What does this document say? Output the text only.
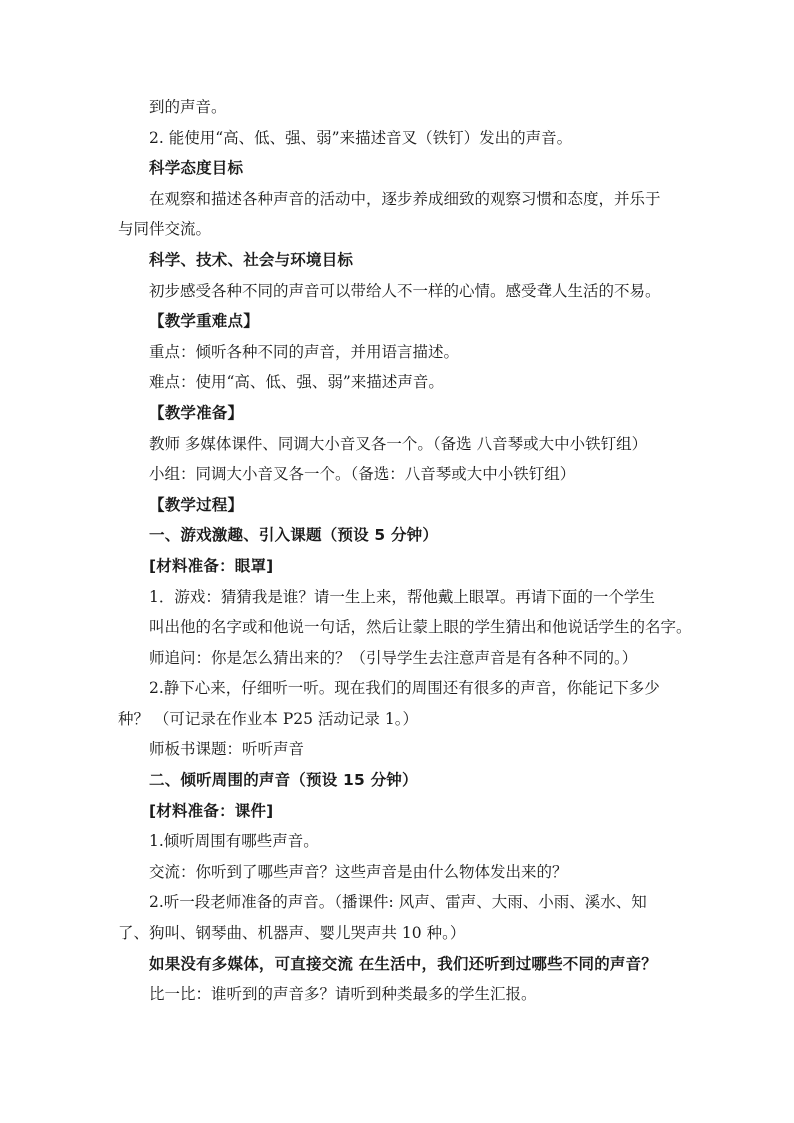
到的声音。

2. 能使用“高、低、强、弱”来描述音叉（铁钉）发出的声音。

科学态度目标

在观察和描述各种声音的活动中，逐步养成细致的观察习惯和态度，并乐于

与同伴交流。

科学、技术、社会与环境目标

初步感受各种不同的声音可以带给人不一样的心情。感受聋人生活的不易。

【教学重难点】

重点：倾听各种不同的声音，并用语言描述。

难点：使用“高、低、强、弱”来描述声音。

【教学准备】

教师 多媒体课件、同调大小音叉各一个。（备选 八音琴或大中小铁钉组）

小组：同调大小音叉各一个。（备选：八音琴或大中小铁钉组）

【教学过程】

一、游戏激趣、引入课题（预设 5 分钟）

[材料准备：眼罩]

1．游戏：猜猜我是谁？请一生上来，帮他戴上眼罩。再请下面的一个学生

叫出他的名字或和他说一句话，然后让蒙上眼的学生猜出和他说话学生的名字。

师追问：你是怎么猜出来的？（引导学生去注意声音是有各种不同的。）

2.静下心来，仔细听一听。现在我们的周围还有很多的声音，你能记下多少

种？ （可记录在作业本 P25 活动记录 1。）

师板书课题：听听声音

二、倾听周围的声音（预设 15 分钟）

[材料准备：课件]

1.倾听周围有哪些声音。

交流：你听到了哪些声音？这些声音是由什么物体发出来的？

2.听一段老师准备的声音。（播课件: 风声、雷声、大雨、小雨、溪水、知

了、狗叫、钢琴曲、机器声、婴儿哭声共 10 种。）

如果没有多媒体，可直接交流 在生活中，我们还听到过哪些不同的声音？

比一比：谁听到的声音多？请听到种类最多的学生汇报。
